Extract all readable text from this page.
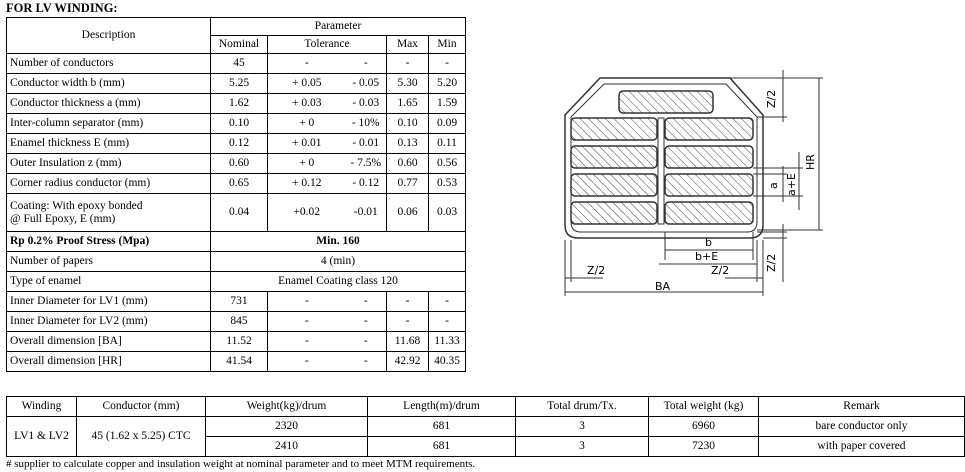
FOR LV WINDING:
Description	Parameter				
	Nominal	Tolerance		Max	Min
Number of conductors	45	-	-	-	-
Conductor width b (mm)	5.25	+ 0.05	- 0.05	5.30	5.20
Conductor thickness a (mm)	1.62	+ 0.03	- 0.03	1.65	1.59
Inter-column separator (mm)	0.10	+ 0	- 10%	0.10	0.09
Enamel thickness E (mm)	0.12	+ 0.01	- 0.01	0.13	0.11
Outer Insulation z (mm)	0.60	+ 0	- 7.5%	0.60	0.56
Corner radius conductor (mm)	0.65	+ 0.12	- 0.12	0.77	0.53

Coating: With epoxy bonded
@ Full Epoxy, E (mm)	0.04	+0.02	-0.01	0.06	0.03
Rp 0.2% Proof Stress (Mpa)	Min. 160				
Number of papers	4 (min)				
Type of enamel	Enamel Coating class 120				
Inner Diameter for LV1 (mm)	731	-	-	-	-
Inner Diameter for LV2 (mm)	845	-	-	-	-
Overall dimension [BA]	11.52	-	-	11.68	11.33
Overall dimension [HR]	41.54	-	-	42.92	40.35
Z/2
HR
a a+E
b
b+E	Z/2
Z/2	Z/2
BA
Winding	Conductor (mm)	Weight(kg)/drum	Length(m)/drum	Total drum/Tx.	Total weight (kg)	Remark
LV1 & LV2	45 (1.62 x 5.25) CTC	2320	681	3	6960	bare conductor only
		2410	681	3	7230	with paper covered
# supplier to calculate copper and insulation weight at nominal parameter and to meet MTM requirements.
